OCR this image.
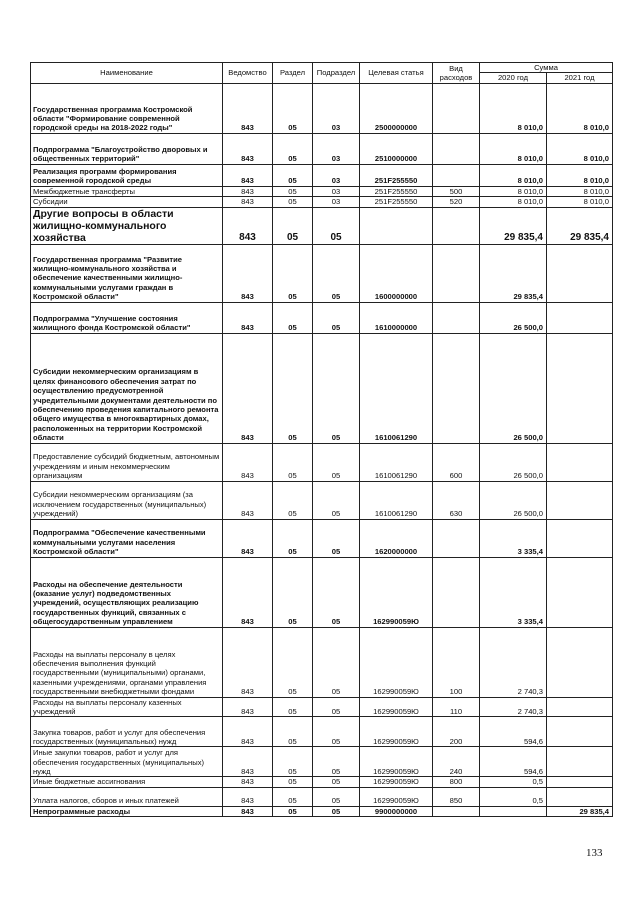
Наименование	Ведомство	Раздел	Подраздел	Целевая статья	Вид расходов	Сумма	
						2020 год	2021 год
Государственная программа Костромской области "Формирование современной городской среды на 2018-2022 годы"	843	05	03	2500000000		8 010,0	8 010,0
Подпрограмма "Благоустройство дворовых и общественных территорий"	843	05	03	2510000000		8 010,0	8 010,0
Реализация программ формирования современной городской среды	843	05	03	251F255550		8 010,0	8 010,0
Межбюджетные трансферты	843	05	03	251F255550	500	8 010,0	8 010,0
Субсидии	843	05	03	251F255550	520	8 010,0	8 010,0
Другие вопросы в области жилищно-коммунального хозяйства	843	05	05			29 835,4	29 835,4
Государственная программа "Развитие жилищно-коммунального хозяйства и обеспечение качественными жилищно-коммунальными услугами граждан в Костромской области"	843	05	05	1600000000		29 835,4	
Подпрограмма "Улучшение состояния жилищного фонда Костромской области"	843	05	05	1610000000		26 500,0	
Субсидии некоммерческим организациям в целях финансового обеспечения затрат по осуществлению предусмотренной учредительными документами деятельности по обеспечению проведения капитального ремонта общего имущества в многоквартирных домах, расположенных на территории Костромской области	843	05	05	1610061290		26 500,0	
Предоставление субсидий бюджетным, автономным учреждениям и иным некоммерческим организациям	843	05	05	1610061290	600	26 500,0	
Субсидии некоммерческим организациям (за исключением государственных (муниципальных) учреждений)	843	05	05	1610061290	630	26 500,0	
Подпрограмма "Обеспечение качественными коммунальными услугами населения Костромской области"	843	05	05	1620000000		3 335,4	
Расходы на обеспечение деятельности (оказание услуг) подведомственных учреждений, осуществляющих реализацию государственных функций, связанных с общегосударственным управлением	843	05	05	162990059Ю		3 335,4	
Расходы на выплаты персоналу в целях обеспечения выполнения функций государственными (муниципальными) органами, казенными учреждениями, органами управления государственными внебюджетными фондами	843	05	05	162990059Ю	100	2 740,3	
Расходы на выплаты персоналу казенных учреждений	843	05	05	162990059Ю	110	2 740,3	
Закупка товаров, работ и услуг для обеспечения государственных (муниципальных) нужд	843	05	05	162990059Ю	200	594,6	
Иные закупки товаров, работ и услуг для обеспечения государственных (муниципальных) нужд	843	05	05	162990059Ю	240	594,6	
Иные бюджетные ассигнования	843	05	05	162990059Ю	800	0,5	
Уплата налогов, сборов и иных платежей	843	05	05	162990059Ю	850	0,5	
Непрограммные расходы	843	05	05	9900000000			29 835,4
133
